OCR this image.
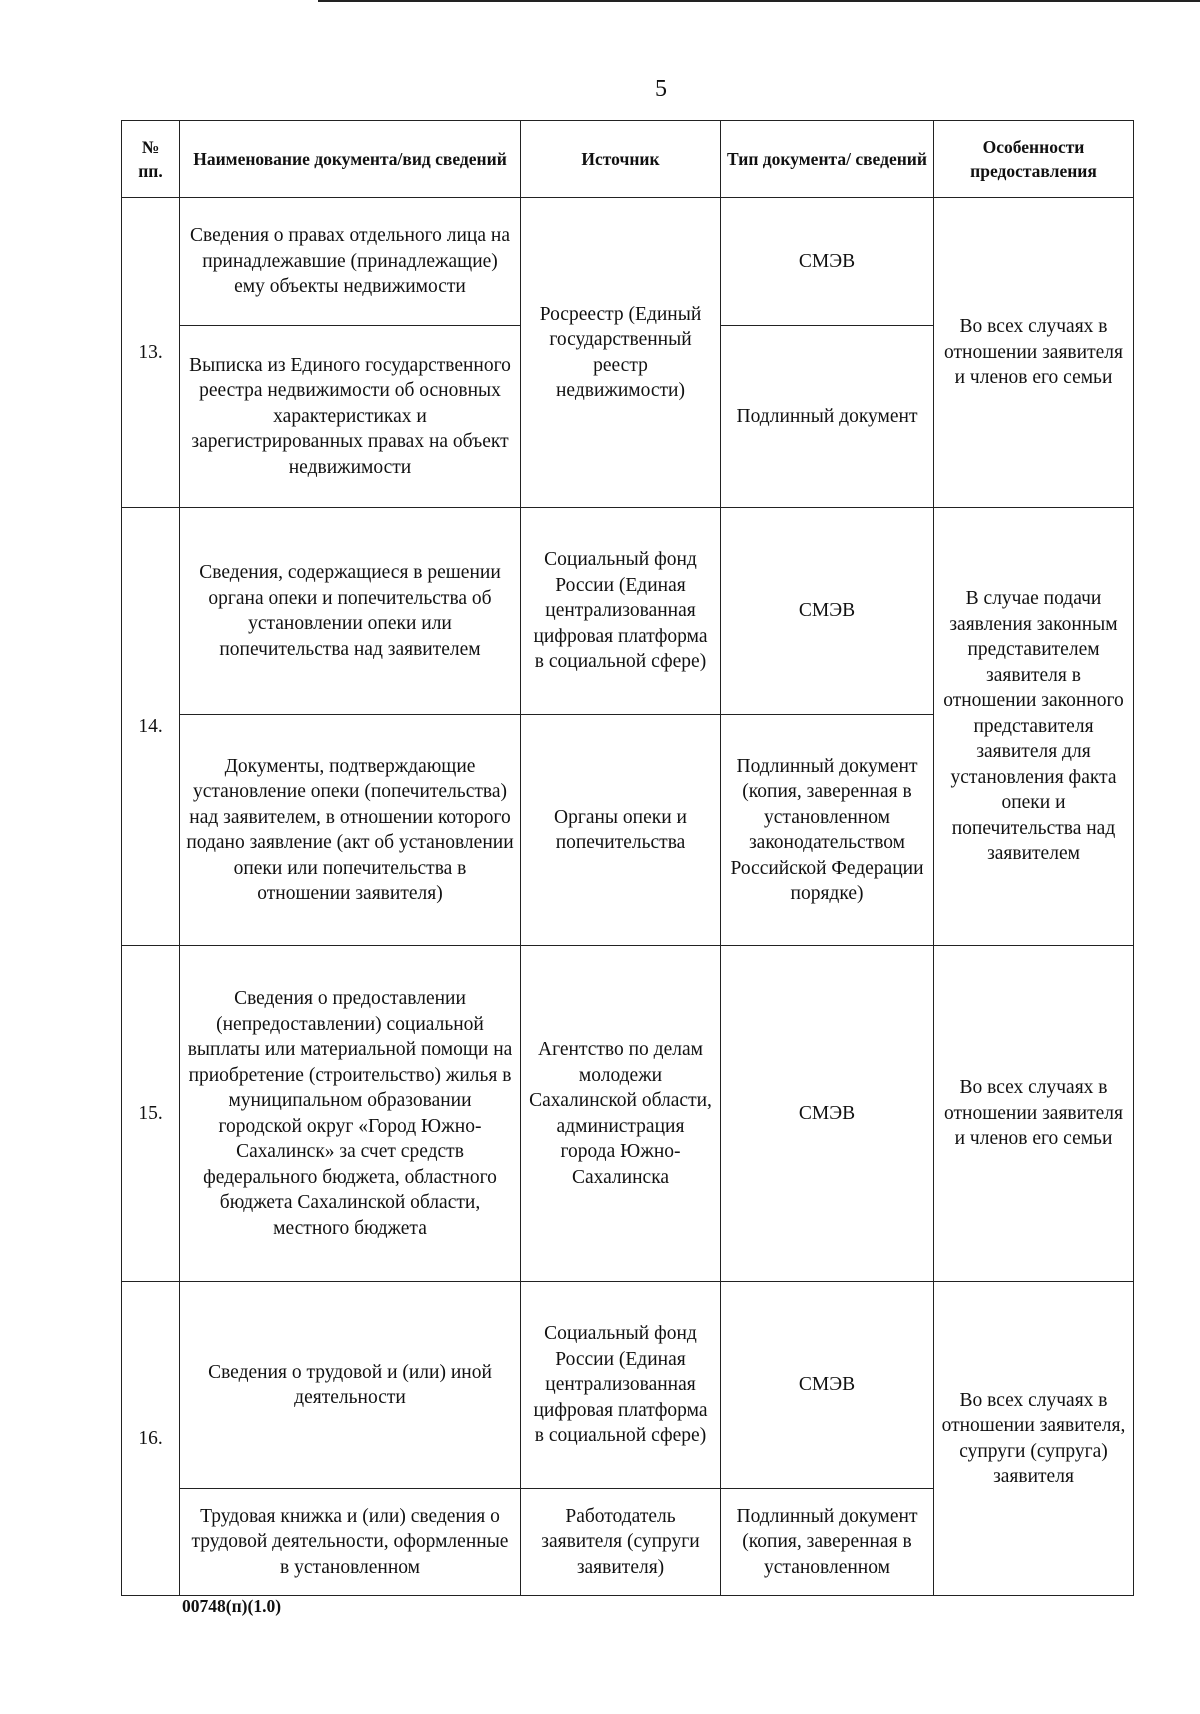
5
№ пп.	Наименование документа/вид сведений	Источник	Тип документа/ сведений	Особенности предоставления
13.	Сведения о правах отдельного лица на принадлежавшие (принадлежащие) ему объекты недвижимости	Росреестр (Единый государственный реестр недвижимости)	СМЭВ	Во всех случаях в отношении заявителя и членов его семьи
	Выписка из Единого государственного реестра недвижимости об основных характеристиках и зарегистрированных правах на объект недвижимости		Подлинный документ	
14.	Сведения, содержащиеся в решении органа опеки и попечительства об установлении опеки или попечительства над заявителем	Социальный фонд России (Единая централизованная цифровая платформа в социальной сфере)	СМЭВ	В случае подачи заявления законным представителем заявителя в отношении законного представителя заявителя для установления факта опеки и попечительства над заявителем
	Документы, подтверждающие установление опеки (попечительства) над заявителем, в отношении которого подано заявление (акт об установлении опеки или попечительства в отношении заявителя)	Органы опеки и попечительства	Подлинный документ (копия, заверенная в установленном законодательством Российской Федерации порядке)	
15.	Сведения о предоставлении (непредоставлении) социальной выплаты или материальной помощи на приобретение (строительство) жилья в муниципальном образовании городской округ «Город Южно-Сахалинск» за счет средств федерального бюджета, областного бюджета Сахалинской области, местного бюджета	Агентство по делам молодежи Сахалинской области, администрация города Южно-Сахалинска	СМЭВ	Во всех случаях в отношении заявителя и членов его семьи
16.	Сведения о трудовой и (или) иной деятельности	Социальный фонд России (Единая централизованная цифровая платформа в социальной сфере)	СМЭВ	Во всех случаях в отношении заявителя, супруги (супруга) заявителя
	Трудовая книжка и (или) сведения о трудовой деятельности, оформленные в установленном	Работодатель заявителя (супруги заявителя)	Подлинный документ (копия, заверенная в установленном	
00748(п)(1.0)
